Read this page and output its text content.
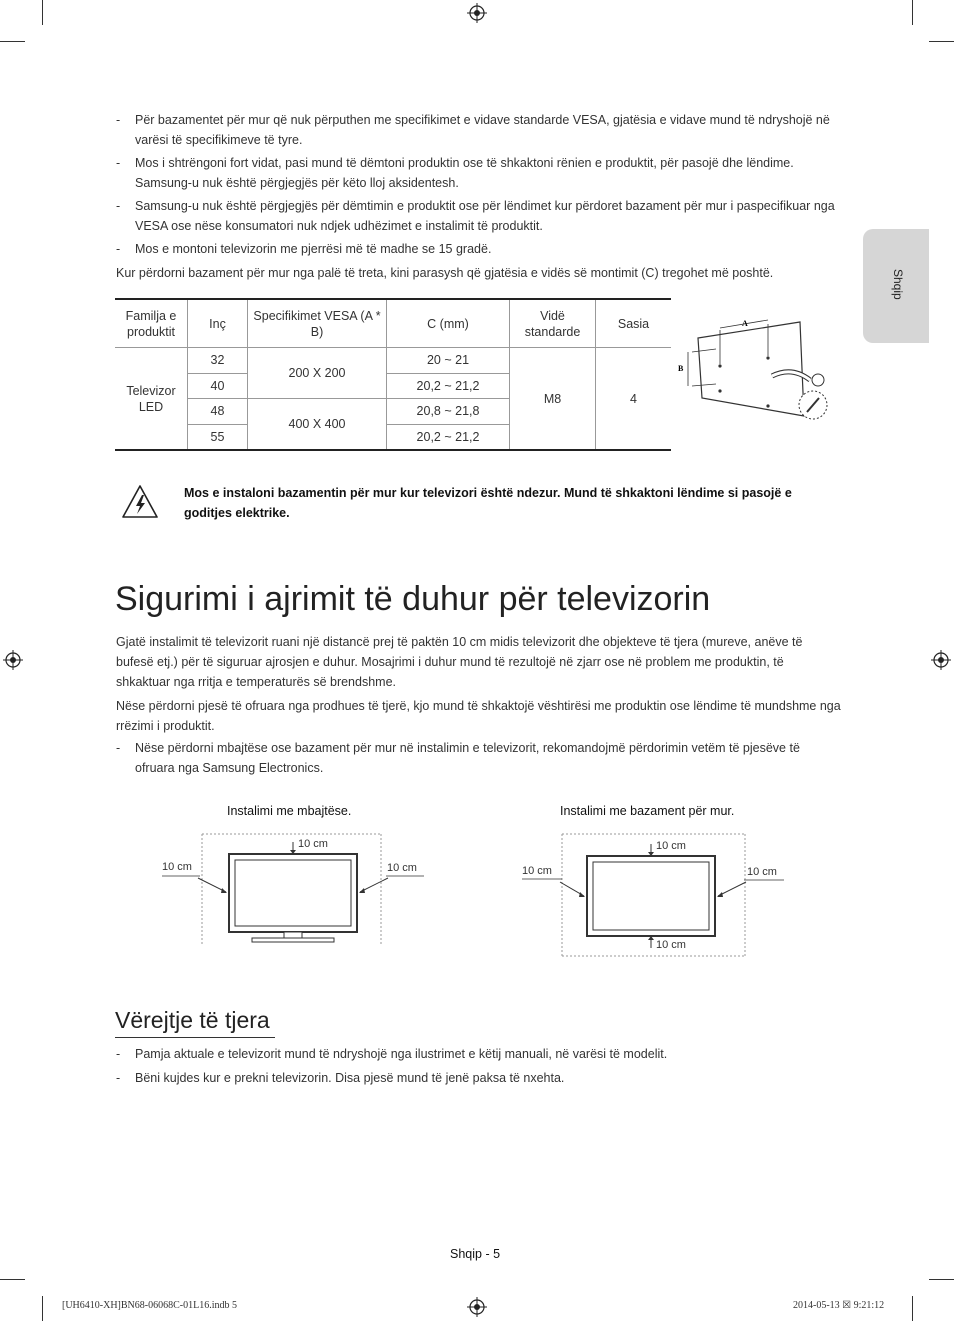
Shqip
- Për bazamentet për mur që nuk përputhen me specifikimet e vidave standarde VESA, gjatësia e vidave mund të ndryshojë në varësi të specifikimeve të tyre.
- Mos i shtrëngoni fort vidat, pasi mund të dëmtoni produktin ose të shkaktoni rënien e produktit, për pasojë dhe lëndime. Samsung-u nuk është përgjegjës për këto lloj aksidentesh.
- Samsung-u nuk është përgjegjës për dëmtimin e produktit ose për lëndimet kur përdoret bazament për mur i paspecifikuar nga VESA ose nëse konsumatori nuk ndjek udhëzimet e instalimit të produktit.
- Mos e montoni televizorin me pjerrësi më të madhe se 15 gradë.
Kur përdorni bazament për mur nga palë të treta, kini parasysh që gjatësia e vidës së montimit (C) tregohet më poshtë.
Familja e produktit	Inç	Specifikimet VESA (A * B)	C (mm)	Vidë standarde	Sasia
Televizor LED	32	200 X 200	20 ~ 21	M8	4
	40		20,2 ~ 21,2		
	48	400 X 400	20,8 ~ 21,8		
	55		20,2 ~ 21,2		
A
B
Mos e instaloni bazamentin për mur kur televizori është ndezur. Mund të shkaktoni lëndime si pasojë e goditjes elektrike.
Sigurimi i ajrimit të duhur për televizorin
Gjatë instalimit të televizorit ruani një distancë prej të paktën 10 cm midis televizorit dhe objekteve të tjera (mureve, anëve të bufesë etj.) për të siguruar ajrosjen e duhur. Mosajrimi i duhur mund të rezultojë në zjarr ose në problem me produktin, të shkaktuar nga rritja e temperaturës së brendshme.
Nëse përdorni pjesë të ofruara nga prodhues të tjerë, kjo mund të shkaktojë vështirësi me produktin ose lëndime të mundshme nga rrëzimi i produktit.
- Nëse përdorni mbajtëse ose bazament për mur në instalimin e televizorit, rekomandojmë përdorimin vetëm të pjesëve të ofruara nga Samsung Electronics.
Instalimi me mbajtëse.
10 cm
10 cm	10 cm
Instalimi me bazament për mur.
10 cm
10 cm	10 cm
10 cm
Vërejtje të tjera
- Pamja aktuale e televizorit mund të ndryshojë nga ilustrimet e këtij manuali, në varësi të modelit.
- Bëni kujdes kur e prekni televizorin. Disa pjesë mund të jenë paksa të nxehta.
Shqip - 5
[UH6410-XH]BN68-06068C-01L16.indb 5	2014-05-13 ☒ 9:21:12
